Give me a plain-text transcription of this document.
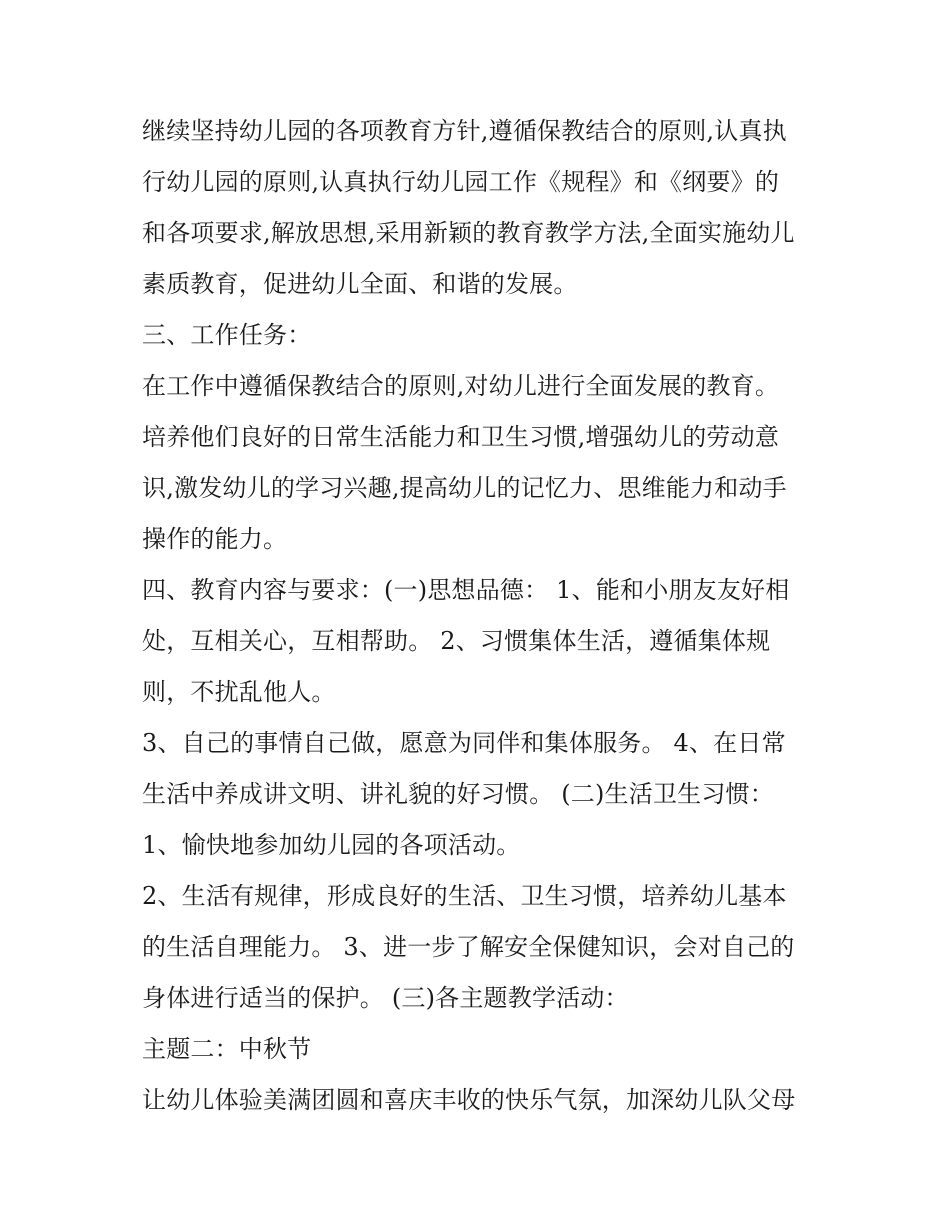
继续坚持幼儿园的各项教育方针,遵循保教结合的原则,认真执
行幼儿园的原则,认真执行幼儿园工作《规程》和《纲要》的
和各项要求,解放思想,采用新颖的教育教学方法,全面实施幼儿
素质教育，促进幼儿全面、和谐的发展。
三、工作任务：
在工作中遵循保教结合的原则,对幼儿进行全面发展的教育。
培养他们良好的日常生活能力和卫生习惯,增强幼儿的劳动意
识,激发幼儿的学习兴趣,提高幼儿的记忆力、思维能力和动手
操作的能力。
四、教育内容与要求：(一)思想品德： 1、能和小朋友友好相
处，互相关心，互相帮助。 2、习惯集体生活，遵循集体规
则，不扰乱他人。
3、自己的事情自己做，愿意为同伴和集体服务。 4、在日常
生活中养成讲文明、讲礼貌的好习惯。 (二)生活卫生习惯：
1、愉快地参加幼儿园的各项活动。
2、生活有规律，形成良好的生活、卫生习惯，培养幼儿基本
的生活自理能力。 3、进一步了解安全保健知识，会对自己的
身体进行适当的保护。 (三)各主题教学活动：
主题二：中秋节
让幼儿体验美满团圆和喜庆丰收的快乐气氛，加深幼儿队父母
